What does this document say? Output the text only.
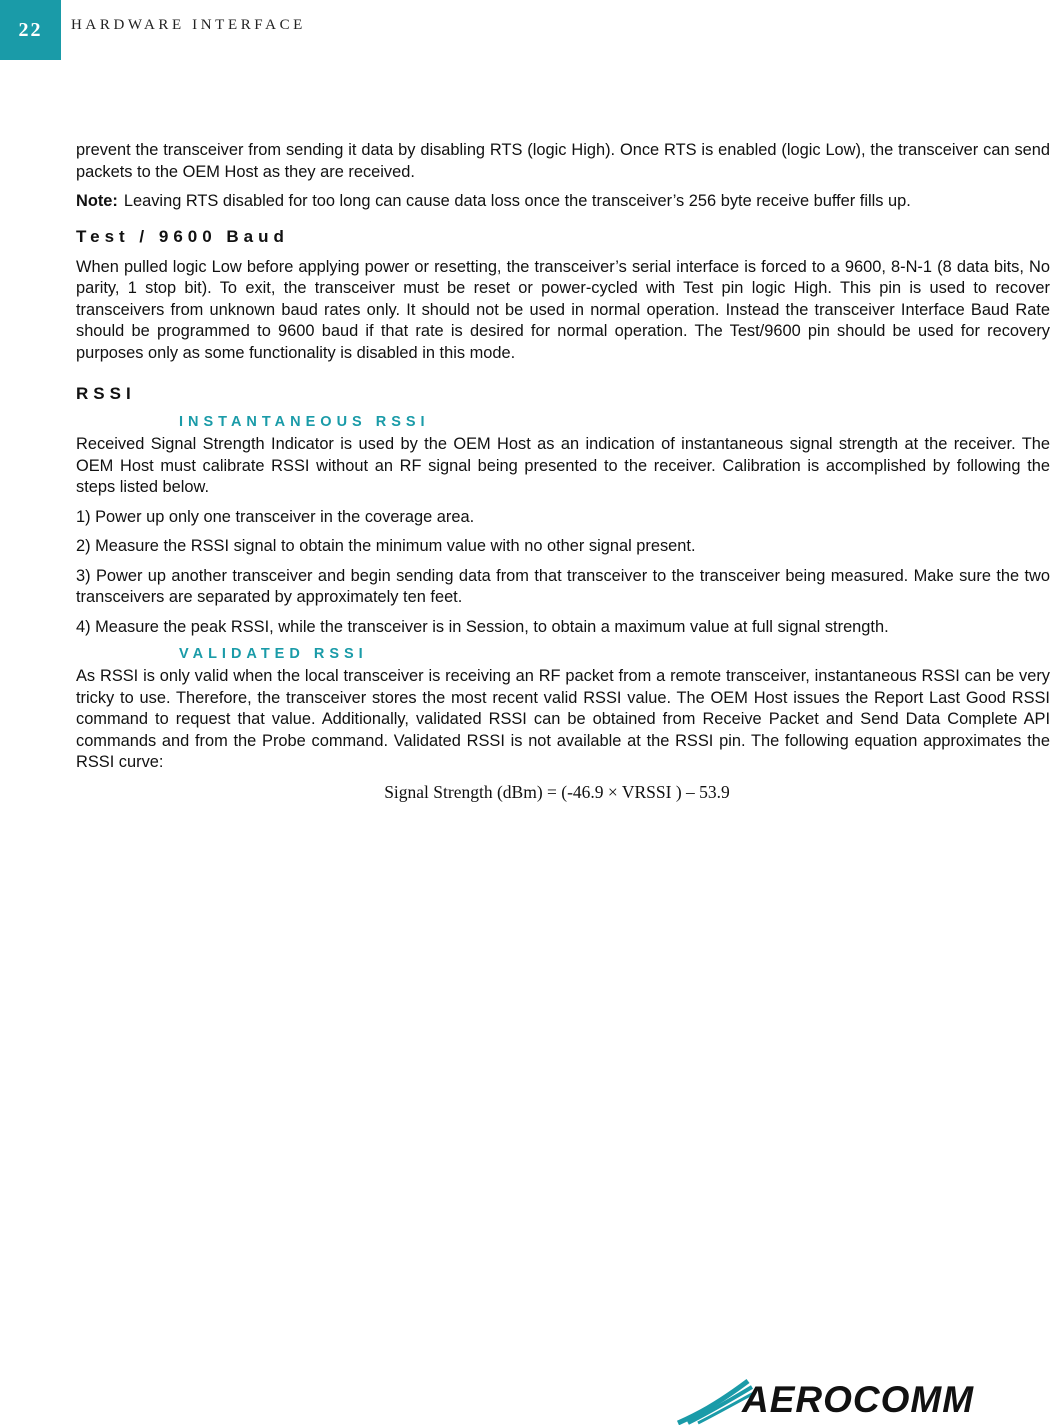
22 HARDWARE INTERFACE

prevent the transceiver from sending it data by disabling RTS (logic High). Once RTS is enabled (logic Low), the transceiver can send packets to the OEM Host as they are received.

Note: Leaving RTS disabled for too long can cause data loss once the transceiver’s 256 byte receive buffer fills up.

Test / 9600 Baud

When pulled logic Low before applying power or resetting, the transceiver’s serial interface is forced to a 9600, 8-N-1 (8 data bits, No parity, 1 stop bit). To exit, the transceiver must be reset or power-cycled with Test pin logic High. This pin is used to recover transceivers from unknown baud rates only. It should not be used in normal operation. Instead the transceiver Interface Baud Rate should be programmed to 9600 baud if that rate is desired for normal operation. The Test/9600 pin should be used for recovery purposes only as some functionality is disabled in this mode.

RSSI
INSTANTANEOUS RSSI

Received Signal Strength Indicator is used by the OEM Host as an indication of instantaneous signal strength at the receiver. The OEM Host must calibrate RSSI without an RF signal being presented to the receiver. Calibration is accomplished by following the steps listed below.

1) Power up only one transceiver in the coverage area.

2) Measure the RSSI signal to obtain the minimum value with no other signal present.

3) Power up another transceiver and begin sending data from that transceiver to the transceiver being measured. Make sure the two transceivers are separated by approximately ten feet.

4) Measure the peak RSSI, while the transceiver is in Session, to obtain a maximum value at full signal strength.

VALIDATED RSSI

As RSSI is only valid when the local transceiver is receiving an RF packet from a remote transceiver, instantaneous RSSI can be very tricky to use. Therefore, the transceiver stores the most recent valid RSSI value. The OEM Host issues the Report Last Good RSSI command to request that value. Additionally, validated RSSI can be obtained from Receive Packet and Send Data Complete API commands and from the Probe command. Validated RSSI is not available at the RSSI pin. The following equation approximates the RSSI curve:

Signal Strength (dBm) = (-46.9 × VRSSI ) – 53.9
AEROCOMM
